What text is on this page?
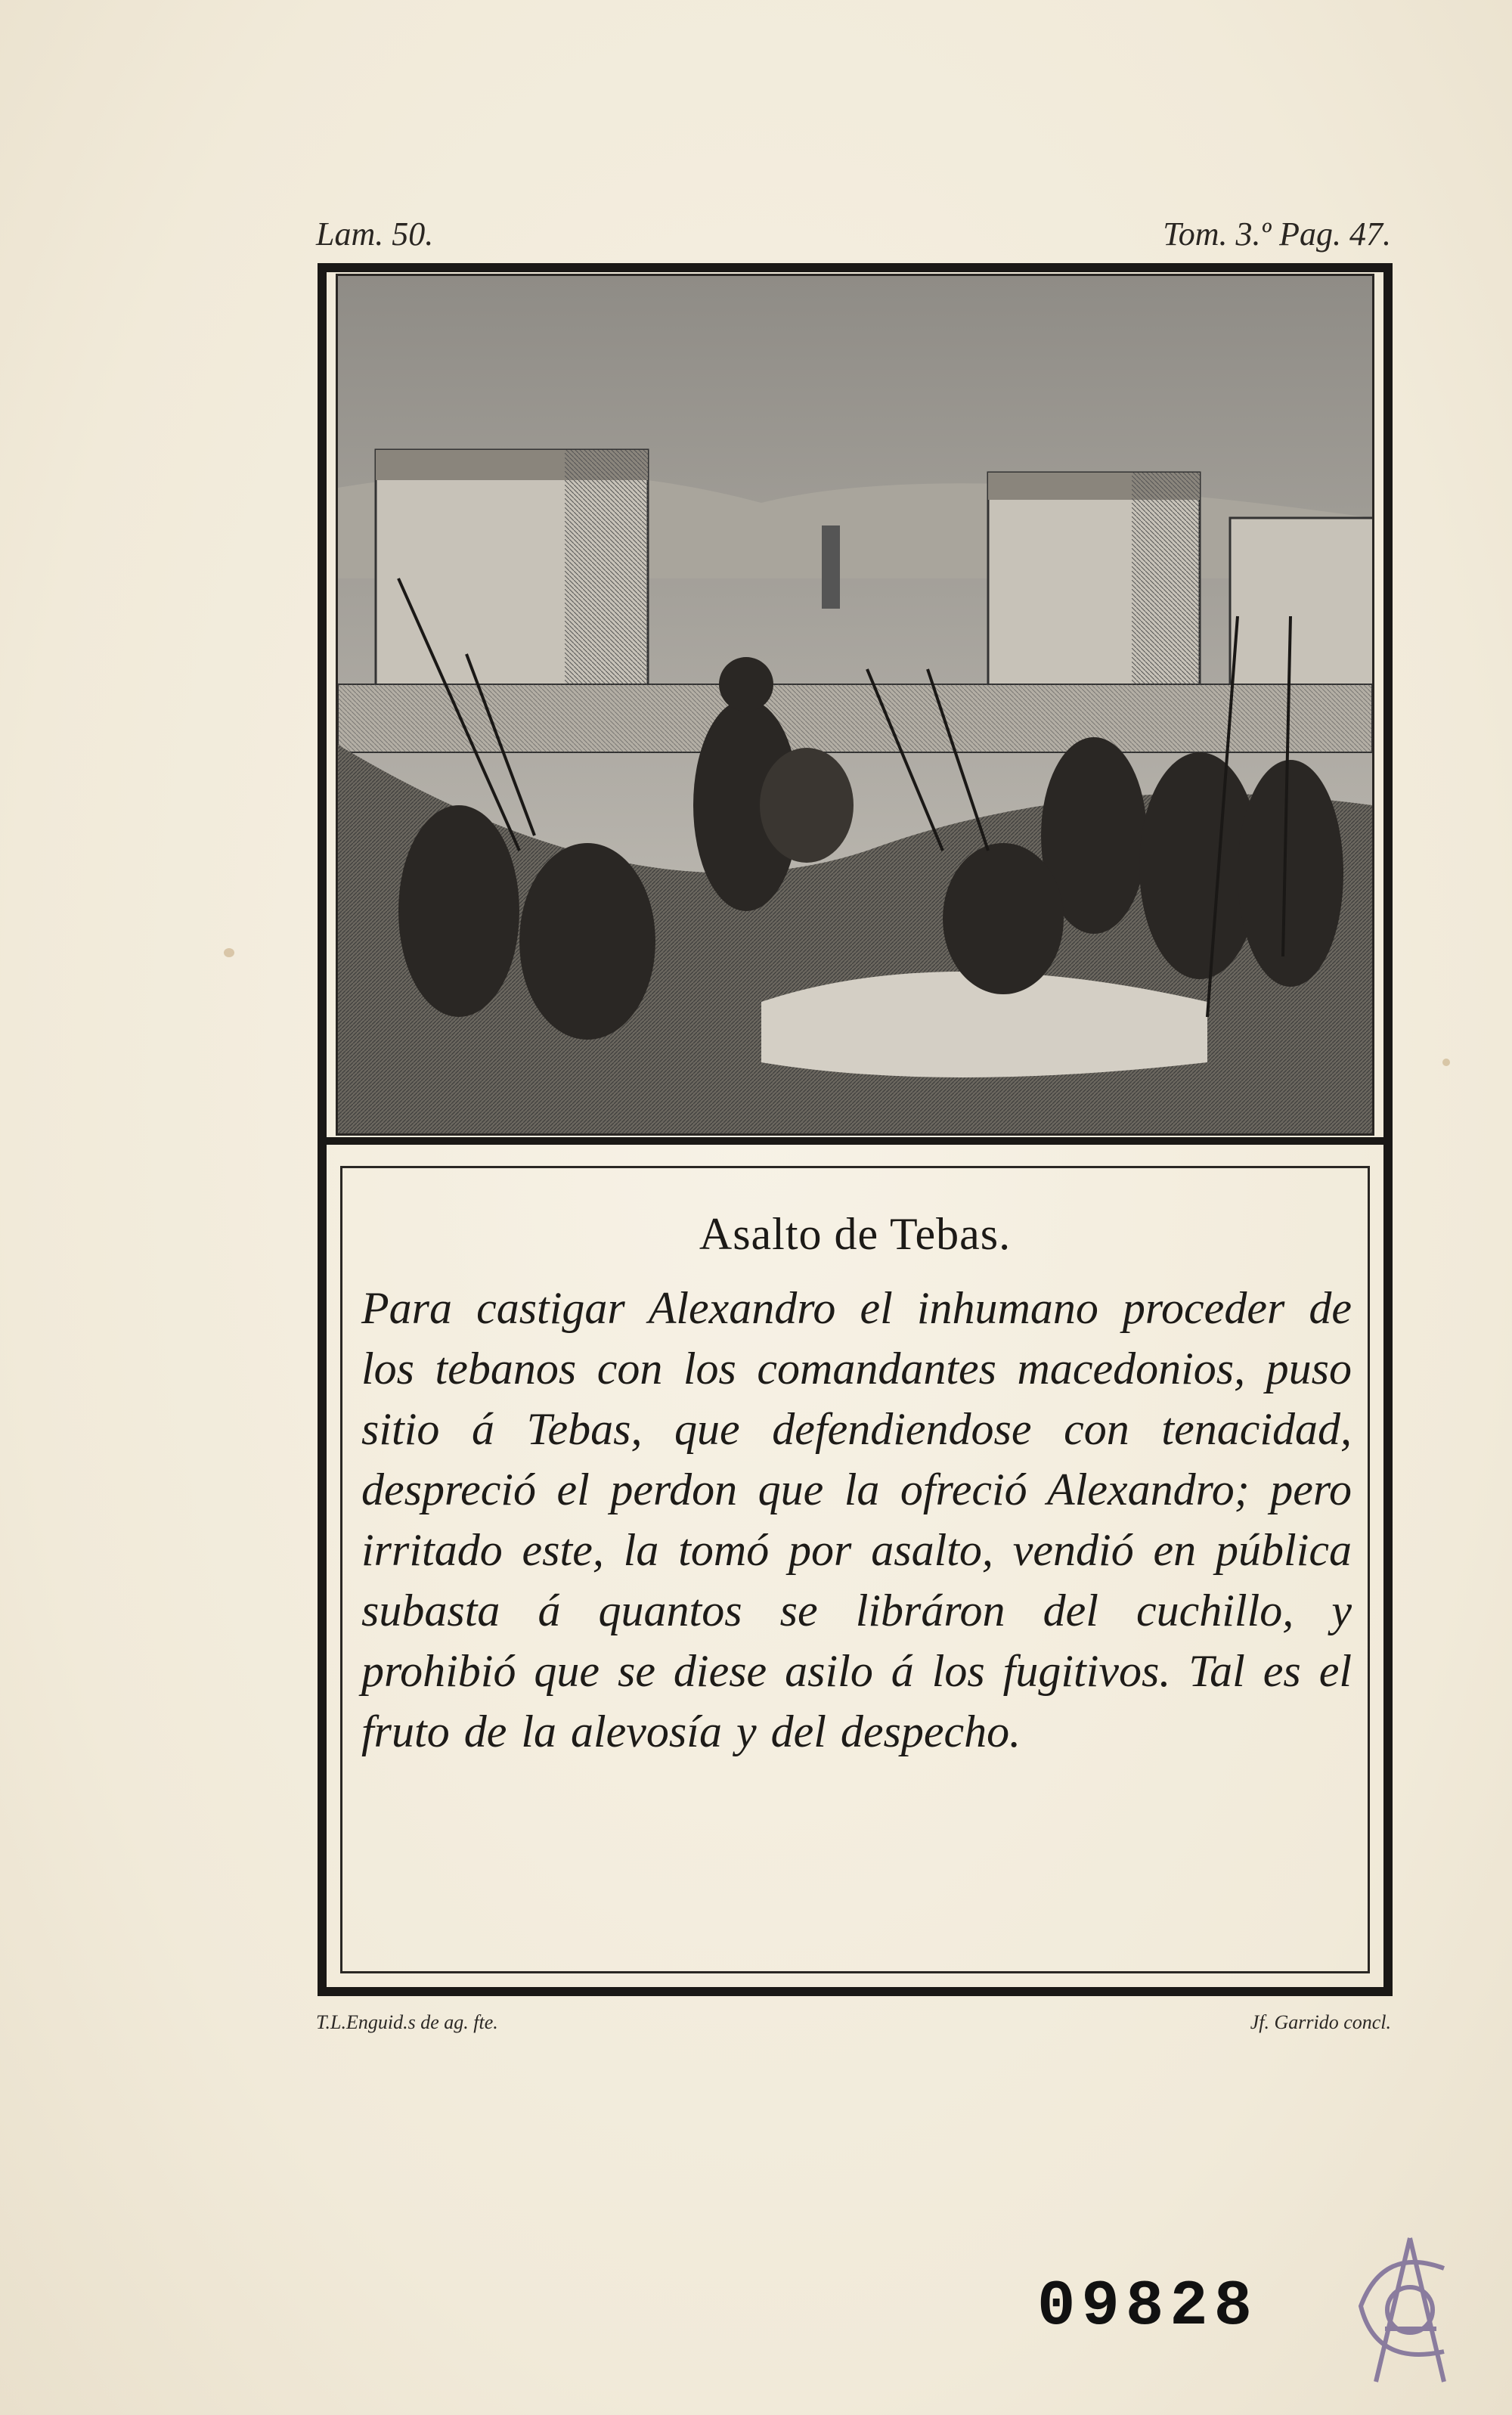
Lam. 50.	Tom. 3.º Pag. 47.
Asalto de Tebas.
Para castigar Alexandro el inhumano proceder de los tebanos con los comandantes macedonios, puso sitio á Tebas, que defendiendose con tenacidad, despreció el perdon que la ofreció Alexandro; pero irritado este, la tomó por asalto, vendió en pública subasta á quantos se libráron del cuchillo, y prohibió que se diese asilo á los fugitivos. Tal es el fruto de la alevosía y del despecho.
T.L.Enguid.s de ag. fte.	Jf. Garrido concl.
09828
